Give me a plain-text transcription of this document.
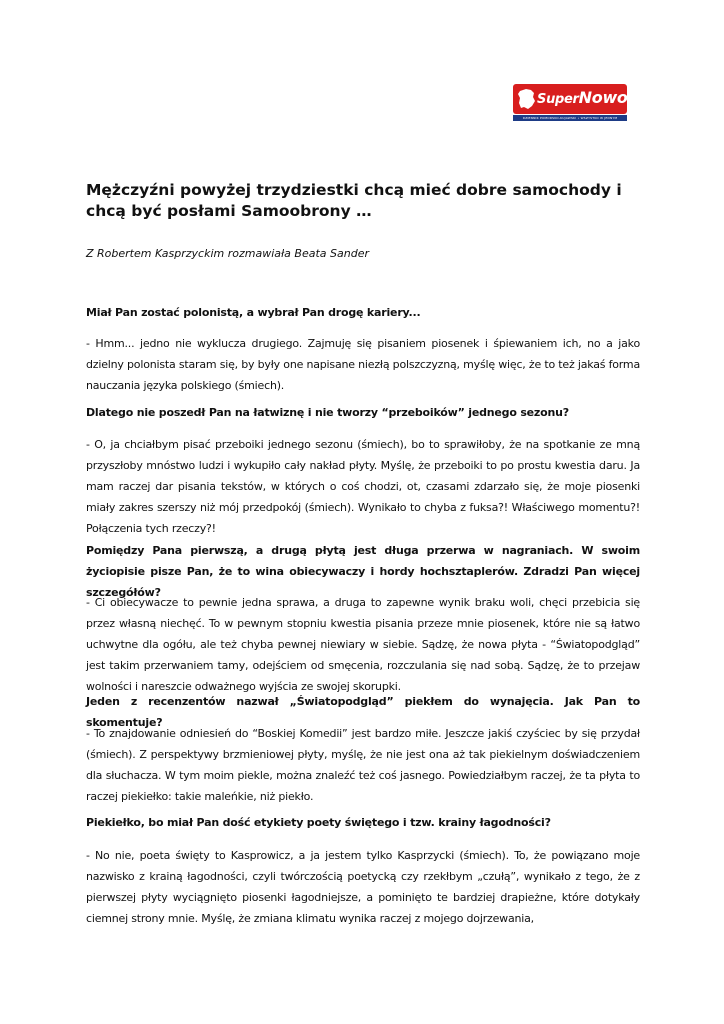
SuperNowości
DZIENNIK POMORSKO-KUJAWSKI • WSZYSTKO W JEDNYM
Mężczyźni powyżej trzydziestki chcą mieć dobre samochody i chcą być posłami Samoobrony …

Z Robertem Kasprzyckim rozmawiała Beata Sander

Miał Pan zostać polonistą, a wybrał Pan drogę kariery...

- Hmm... jedno nie wyklucza drugiego. Zajmuję się pisaniem piosenek i śpiewaniem ich, no a jako dzielny polonista staram się, by były one napisane niezłą polszczyzną, myślę więc, że to też jakaś forma nauczania języka polskiego (śmiech).

Dlatego nie poszedł Pan na łatwiznę i nie tworzy “przeboików” jednego sezonu?

- O, ja chciałbym pisać przeboiki jednego sezonu (śmiech), bo to sprawiłoby, że na spotkanie ze mną przyszłoby mnóstwo ludzi i wykupiło cały nakład płyty. Myślę, że przeboiki to po prostu kwestia daru. Ja mam raczej dar pisania tekstów, w których o coś chodzi, ot, czasami zdarzało się, że moje piosenki miały zakres szerszy niż mój przedpokój (śmiech). Wynikało to chyba z fuksa?! Właściwego momentu?! Połączenia tych rzeczy?!

Pomiędzy Pana pierwszą, a drugą płytą jest długa przerwa w nagraniach. W swoim życiopisie pisze Pan, że to wina obiecywaczy i hordy hochsztaplerów. Zdradzi Pan więcej szczegółów?

- Ci obiecywacze to pewnie jedna sprawa, a druga to zapewne wynik braku woli, chęci przebicia się przez własną niechęć. To w pewnym stopniu kwestia pisania przeze mnie piosenek, które nie są łatwo uchwytne dla ogółu, ale też chyba pewnej niewiary w siebie. Sądzę, że nowa płyta - “Światopodgląd” jest takim przerwaniem tamy, odejściem od smęcenia, rozczulania się nad sobą. Sądzę, że to przejaw wolności i nareszcie odważnego wyjścia ze swojej skorupki.

Jeden z recenzentów nazwał „Światopodgląd” piekłem do wynajęcia. Jak Pan to skomentuje?

- To znajdowanie odniesień do “Boskiej Komedii” jest bardzo miłe. Jeszcze jakiś czyściec by się przydał (śmiech). Z perspektywy brzmieniowej płyty, myślę, że nie jest ona aż tak piekielnym doświadczeniem dla słuchacza. W tym moim piekle, można znaleźć też coś jasnego. Powiedziałbym raczej, że ta płyta to raczej piekiełko: takie maleńkie, niż piekło.

Piekiełko, bo miał Pan dość etykiety poety świętego i tzw. krainy łagodności?

- No nie, poeta święty to Kasprowicz, a ja jestem tylko Kasprzycki (śmiech). To, że powiązano moje nazwisko z krainą łagodności, czyli twórczością poetycką czy rzekłbym „czułą”, wynikało z tego, że z pierwszej płyty wyciągnięto piosenki łagodniejsze, a pominięto te bardziej drapieżne, które dotykały ciemnej strony mnie. Myślę, że zmiana klimatu wynika raczej z mojego dojrzewania,
